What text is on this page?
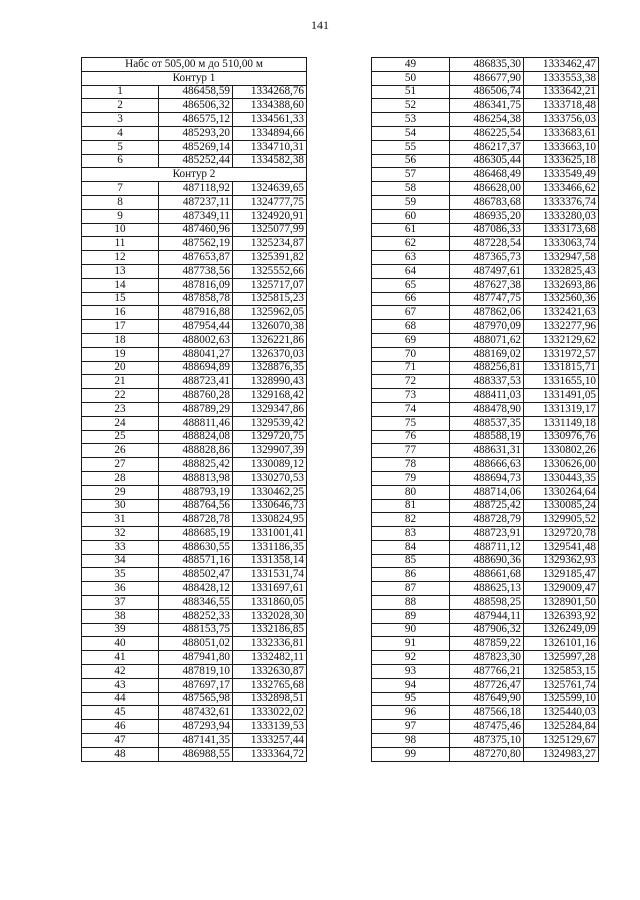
141
Набс от 505,00 м до 510,00 м		
Контур 1		
1	486458,59	1334268,76
2	486506,32	1334388,60
3	486575,12	1334561,33
4	485293,20	1334894,66
5	485269,14	1334710,31
6	485252,44	1334582,38
Контур 2		
7	487118,92	1324639,65
8	487237,11	1324777,75
9	487349,11	1324920,91
10	487460,96	1325077,99
11	487562,19	1325234,87
12	487653,87	1325391,82
13	487738,56	1325552,66
14	487816,09	1325717,07
15	487858,78	1325815,23
16	487916,88	1325962,05
17	487954,44	1326070,38
18	488002,63	1326221,86
19	488041,27	1326370,03
20	488694,89	1328876,35
21	488723,41	1328990,43
22	488760,28	1329168,42
23	488789,29	1329347,86
24	488811,46	1329539,42
25	488824,08	1329720,75
26	488828,86	1329907,39
27	488825,42	1330089,12
28	488813,98	1330270,53
29	488793,19	1330462,25
30	488764,56	1330646,73
31	488728,78	1330824,95
32	488685,19	1331001,41
33	488630,55	1331186,35
34	488571,16	1331358,14
35	488502,47	1331531,74
36	488428,12	1331697,61
37	488346,55	1331860,05
38	488252,33	1332028,30
39	488153,75	1332186,85
40	488051,02	1332336,81
41	487941,80	1332482,11
42	487819,10	1332630,87
43	487697,17	1332765,68
44	487565,98	1332898,51
45	487432,61	1333022,02
46	487293,94	1333139,53
47	487141,35	1333257,44
48	486988,55	1333364,72
49	486835,30	1333462,47
50	486677,90	1333553,38
51	486506,74	1333642,21
52	486341,75	1333718,48
53	486254,38	1333756,03
54	486225,54	1333683,61
55	486217,37	1333663,10
56	486305,44	1333625,18
57	486468,49	1333549,49
58	486628,00	1333466,62
59	486783,68	1333376,74
60	486935,20	1333280,03
61	487086,33	1333173,68
62	487228,54	1333063,74
63	487365,73	1332947,58
64	487497,61	1332825,43
65	487627,38	1332693,86
66	487747,75	1332560,36
67	487862,06	1332421,63
68	487970,09	1332277,96
69	488071,62	1332129,62
70	488169,02	1331972,57
71	488256,81	1331815,71
72	488337,53	1331655,10
73	488411,03	1331491,05
74	488478,90	1331319,17
75	488537,35	1331149,18
76	488588,19	1330976,76
77	488631,31	1330802,26
78	488666,63	1330626,00
79	488694,73	1330443,35
80	488714,06	1330264,64
81	488725,42	1330085,24
82	488728,79	1329905,52
83	488723,91	1329720,78
84	488711,12	1329541,48
85	488690,36	1329362,93
86	488661,68	1329185,47
87	488625,13	1329009,47
88	488598,25	1328901,50
89	487944,11	1326393,92
90	487906,32	1326249,09
91	487859,22	1326101,16
92	487823,30	1325997,28
93	487766,21	1325853,15
94	487726,47	1325761,74
95	487649,90	1325599,10
96	487566,18	1325440,03
97	487475,46	1325284,84
98	487375,10	1325129,67
99	487270,80	1324983,27
